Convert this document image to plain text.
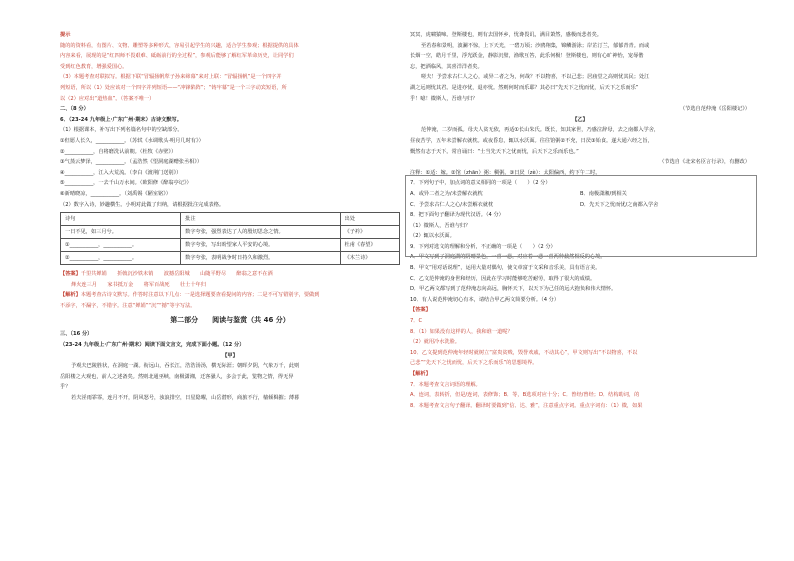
提示
随的的资料看，有图片、文物、雕塑等多种形式，容易引起学生的兴趣，适合学生参观；根据提供的具体
内容来看，展现的是“红四师不畏艰难、砥砺前行的全过程”，参观后能够了解红军革命历史，让同学们
受到红色教育，增强爱国心。
（3）本题考查对联拟写。根据下联“冒辐扬帆犁子孙来筛幕”来对上联：“冒辐扬帆”是一个四字并
列短语，所以（1）处应该对一个四字并列短语——“冲锋陷阵”；“铸牢幕”是一个三字动宾短语，所
以（2）应对出“道热血”。（答案不唯一）
二、（8 分）
6．（23-24 九年级上·广东广州·期末）古诗文默写。
（1）根据课本，补写出下列名篇名句中的空缺部分。
①但愿人长久，___________。（苏轼《水调歌头·明月几时有》）
②___________，自将磨洗认前朝。（杜牧《赤壁》）
③气蒸云梦泽，___________。（孟浩然《望洞庭湖赠张丞相》）
④___________，江入大荒流。（李白《渡荆门送别》）
⑤___________，一去千山万水间。（欧阳修《醉翁亭记》）
⑥新晴晓凉，___________。（刘禹锡《陋室铭》）
（2）数字入诗，妙趣横生。小明对此做了归纳，请根据批注完成表格。
诗句	批注	出处
一日不见，如三月兮。	数字夸张，强烈表达了人的殷切思念之情。	《子衿》
①___________，___________。	数字夸张，写出盼望家人平安的心境。	杜甫《春望》
②___________，___________。	数字夸张，表明战争时日持久和激烈。	《木兰诗》
【答案】千里共婵娟　　折戟沉沙铁未销　　波撼岳阳城　　山随平野尽　　醉翁之意不在酒
烽火连三月　　家书抵万金　　将军百战死　　壮士十年归
【解析】本题考查古诗文默写。作答时注意以下几点：一是选择题要查看提问的内容；二是不可写错别字，要做到
不添字，不漏字，不错字。注意“婵娟”“沉”“撼”等字写法。
第二部分　　阅读与鉴赏（共 46 分）
三、（16 分）
（23-24 九年级上·广东广州·期末）阅读下面文言文，完成下面小题。（12 分）
【甲】
予观夫巴陵胜状，在洞庭一湖。衔远山，吞长江，浩浩汤汤，横无际涯；朝晖夕阴，气象万千，此则
岳阳楼之大观也，前人之述备矣。然则北通巫峡，南极潇湘，迁客骚人，多会于此，览物之情，得无异
乎？
若夫淫雨霏霏，连月不开，阴风怒号，浊浪排空，日星隐曜，山岳潜形，商旅不行，樯倾楫摧；薄暮
冥冥，虎啸猿啼。登斯楼也，则有去国怀乡，忧谗畏讥，满目萧然，感极而悲者矣。
至若春和景明，波澜不惊，上下天光，一碧万顷；沙鸥翔集，锦鳞游泳；岸芷汀兰，郁郁青青。而或
长烟一空，皓月千里，浮光跃金，静影沉璧，渔歌互答，此乐何极！登斯楼也，则有心旷神怡，宠辱偕
忘，把酒临风，其喜洋洋者矣。
嗟夫！予尝求古仁人之心，或异二者之为，何哉？不以物喜，不以己悲；居庙堂之高则忧其民；处江
湖之远则忧其君。是进亦忧，退亦忧。然则何时而乐耶？其必曰“先天下之忧而忧，后天下之乐而乐”
乎！噫！微斯人，吾谁与归？
（节选自范仲淹《岳阳楼记》）
【乙】
范仲淹，二岁而孤。母夫人贫无依，再适①长山朱氏。既长，知其家世，乃感泣辞母，去之南都入学舍，
昼夜苦学，五年未尝解衣就枕。或夜昏怠，辄以水沃面。往往馆粥②不充，日昃③始食。遂大通六经之旨，
慨然有志于天下。常自诵曰：“士当先天下之忧而忧，后天下之乐而乐也。”
（节选自《北宋名臣言行录》，有删改）
注释：①适：嫁。②馆（zhān）粥：稠粥。③日昃（zè）：太阳偏西，约下午二时。
7．下列句子中，加点词的意义相同的一项是（　　）（2 分）
A．或异二者之为/未尝解衣就枕	B．南极潇湘/到相关
C．予尝求古仁人之心/未尝解衣就枕	D．先天下之忧而忧/之南都入学舍
8．把下面句子翻译为现代汉语。（4 分）
（1）微斯人，吾谁与归？
（2）辄以水沃面。
9．下列对选文的理解和分析，不正确的一项是（　　）（2 分）
A．甲文写到了洞庭湖的阴晴景色，一喜一悲，对应着一悲一喜两种截然相反的心境。
B．甲文“用对话说理”，运用大量对偶句，使文章富于文采和音乐美，具有语言美。
C．乙文范仲淹的身世和经历，因此在学习时能够吃苦耐劳，取得了很大的成绩。
D．甲乙两文都写到了范仲淹志向高远，胸怀天下，以天下为己任的远大抱负和伟大情怀。
10．有人说范仲淹切心有本，请结合甲乙两文简要分析。（4 分）
【答案】
7．C
8．（1）如果没有这样的人，我和谁一道呢？
（2）就用冷水洗脸。
10．乙文提到范仲淹年轻时就树立“富贵贫贱，毁誉欢戚，不动其心”，甲文则写出“不以物喜，不以
己悲”“先天下之忧而忧，后天下之乐而乐”的思想境界。
【解析】
7．本题考查文言词语的理解。
A．连词，表转折，但是/连词，表修饰；B．等，B选项对应十分；C．曾经/曾经；D．结构助词，的
8．本题考查文言句子翻译。翻译时要做到“信、达、雅”，注意重点字词。重点字词有：（1）微，如果
